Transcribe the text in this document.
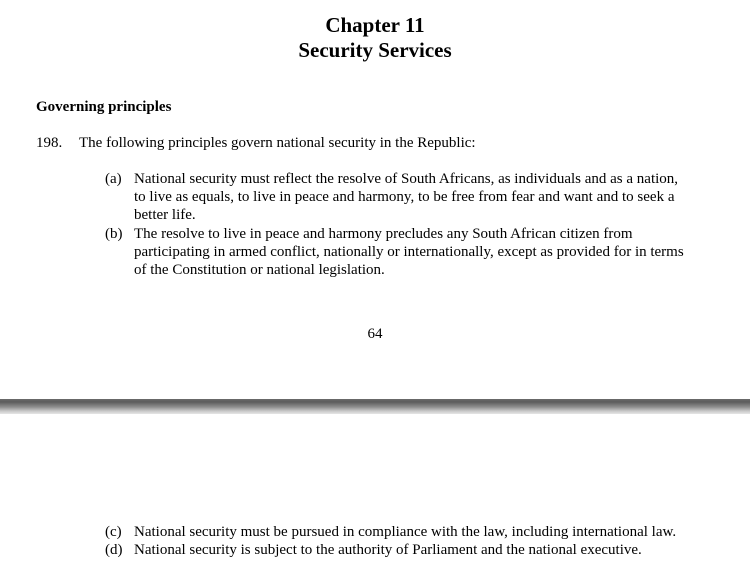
Chapter 11
Security Services
Governing principles
198. The following principles govern national security in the Republic:
(a) National security must reflect the resolve of South Africans, as individuals and as a nation,
to live as equals, to live in peace and harmony, to be free from fear and want and to seek a
better life.
(b) The resolve to live in peace and harmony precludes any South African citizen from
participating in armed conflict, nationally or internationally, except as provided for in terms
of the Constitution or national legislation.
64
(c) National security must be pursued in compliance with the law, including international law.
(d) National security is subject to the authority of Parliament and the national executive.
